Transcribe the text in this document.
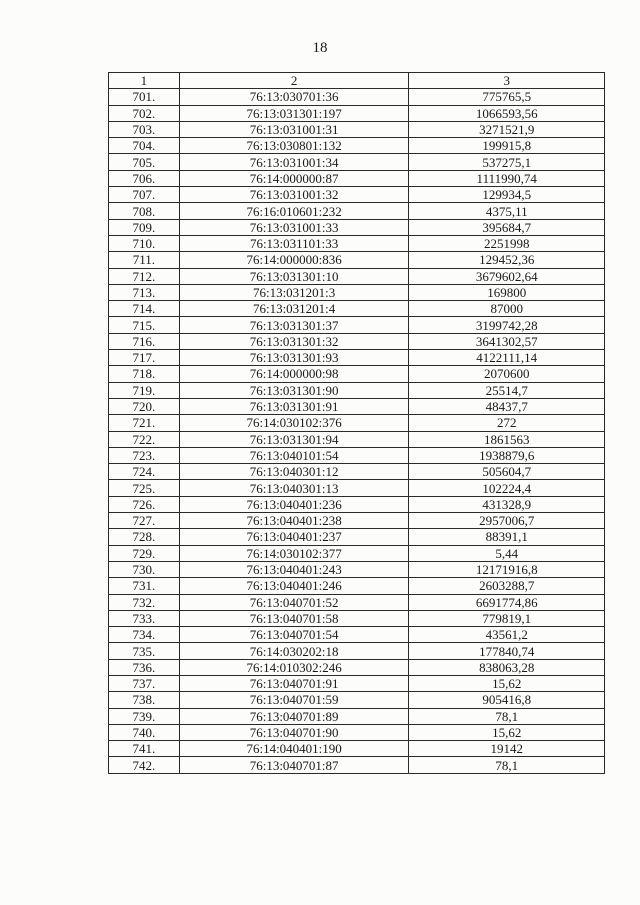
18
1	2	3
701.	76:13:030701:36	775765,5
702.	76:13:031301:197	1066593,56
703.	76:13:031001:31	3271521,9
704.	76:13:030801:132	199915,8
705.	76:13:031001:34	537275,1
706.	76:14:000000:87	1111990,74
707.	76:13:031001:32	129934,5
708.	76:16:010601:232	4375,11
709.	76:13:031001:33	395684,7
710.	76:13:031101:33	2251998
711.	76:14:000000:836	129452,36
712.	76:13:031301:10	3679602,64
713.	76:13:031201:3	169800
714.	76:13:031201:4	87000
715.	76:13:031301:37	3199742,28
716.	76:13:031301:32	3641302,57
717.	76:13:031301:93	4122111,14
718.	76:14:000000:98	2070600
719.	76:13:031301:90	25514,7
720.	76:13:031301:91	48437,7
721.	76:14:030102:376	272
722.	76:13:031301:94	1861563
723.	76:13:040101:54	1938879,6
724.	76:13:040301:12	505604,7
725.	76:13:040301:13	102224,4
726.	76:13:040401:236	431328,9
727.	76:13:040401:238	2957006,7
728.	76:13:040401:237	88391,1
729.	76:14:030102:377	5,44
730.	76:13:040401:243	12171916,8
731.	76:13:040401:246	2603288,7
732.	76:13:040701:52	6691774,86
733.	76:13:040701:58	779819,1
734.	76:13:040701:54	43561,2
735.	76:14:030202:18	177840,74
736.	76:14:010302:246	838063,28
737.	76:13:040701:91	15,62
738.	76:13:040701:59	905416,8
739.	76:13:040701:89	78,1
740.	76:13:040701:90	15,62
741.	76:14:040401:190	19142
742.	76:13:040701:87	78,1
